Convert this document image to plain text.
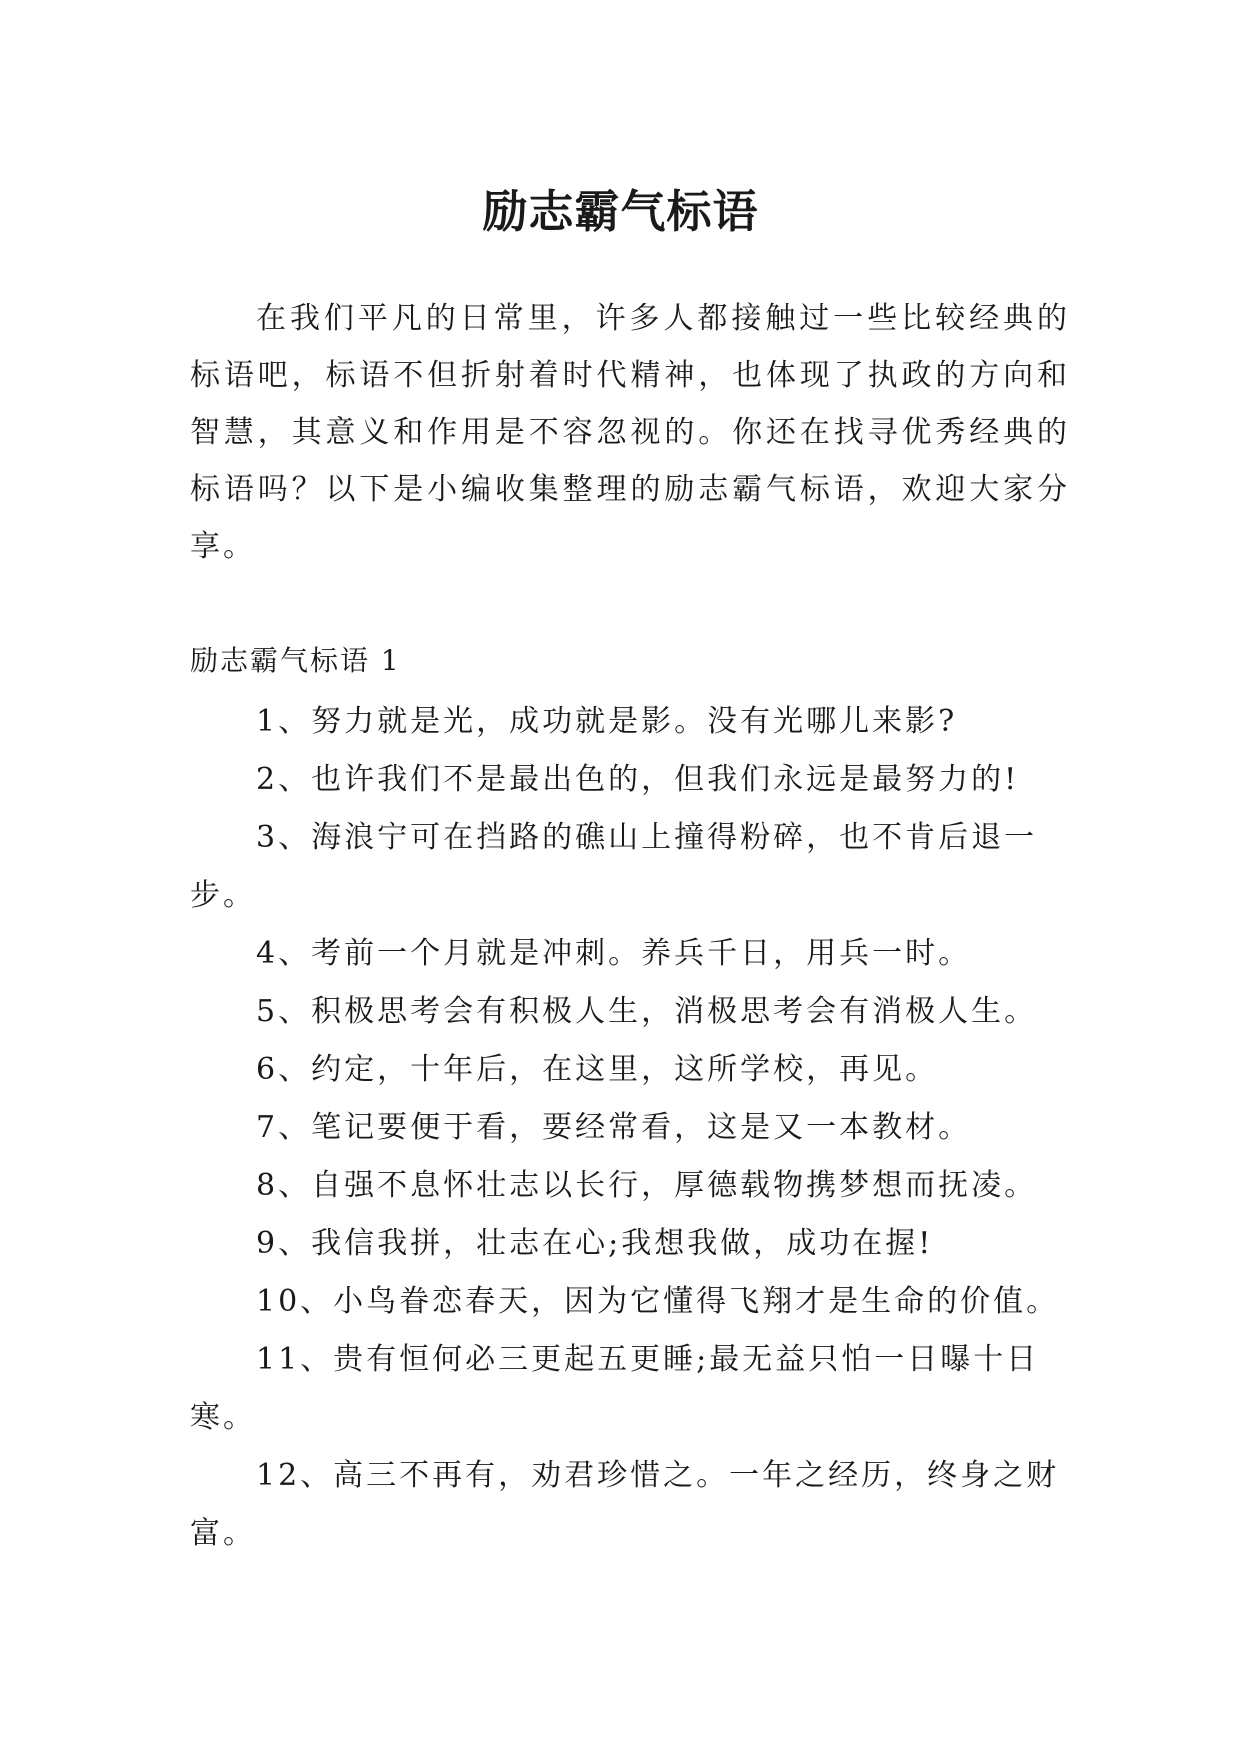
励志霸气标语

在我们平凡的日常里，许多人都接触过一些比较经典的标语吧，标语不但折射着时代精神，也体现了执政的方向和智慧，其意义和作用是不容忽视的。你还在找寻优秀经典的标语吗？以下是小编收集整理的励志霸气标语，欢迎大家分享。

励志霸气标语 1

1、努力就是光，成功就是影。没有光哪儿来影?
2、也许我们不是最出色的，但我们永远是最努力的!
3、海浪宁可在挡路的礁山上撞得粉碎，也不肯后退一步。
4、考前一个月就是冲刺。养兵千日，用兵一时。
5、积极思考会有积极人生，消极思考会有消极人生。
6、约定，十年后，在这里，这所学校，再见。
7、笔记要便于看，要经常看，这是又一本教材。
8、自强不息怀壮志以长行，厚德载物携梦想而抚凌。
9、我信我拼，壮志在心;我想我做，成功在握!
10、小鸟眷恋春天，因为它懂得飞翔才是生命的价值。
11、贵有恒何必三更起五更睡;最无益只怕一日曝十日寒。
12、高三不再有，劝君珍惜之。一年之经历，终身之财富。
